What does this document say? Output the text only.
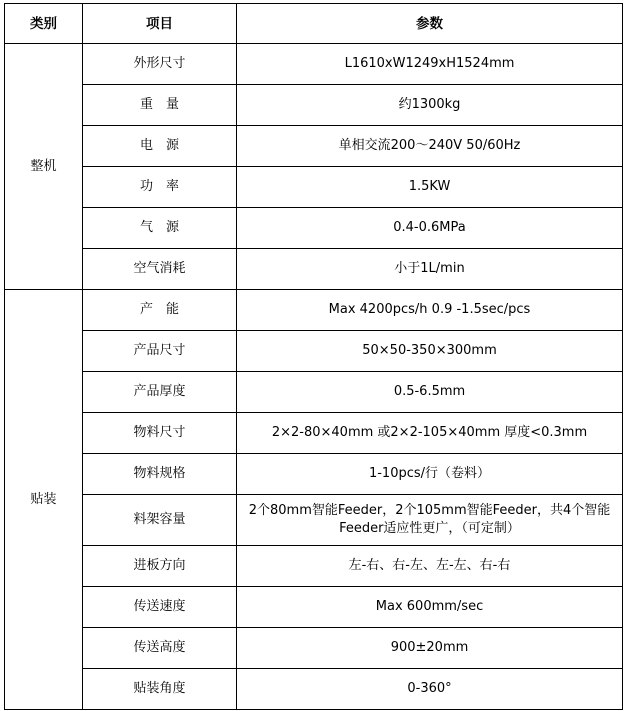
类别	项目	参数
整机	外形尺寸	L1610xW1249xH1524mm
	重　量	约1300kg
	电　源	单相交流200～240V 50/60Hz
	功　率	1.5KW
	气　源	0.4-0.6MPa
	空气消耗	小于1L/min
贴装	产　能	Max 4200pcs/h 0.9 -1.5sec/pcs
	产品尺寸	50×50-350×300mm
	产品厚度	0.5-6.5mm
	物料尺寸	2×2-80×40mm 或2×2-105×40mm 厚度<0.3mm
	物料规格	1-10pcs/行（卷料）
	料架容量	2个80mm智能Feeder，2个105mm智能Feeder，共4个智能Feeder适应性更广，（可定制）
	进板方向	左-右、右-左、左-左、右-右
	传送速度	Max 600mm/sec
	传送高度	900±20mm
	贴装角度	0-360°
